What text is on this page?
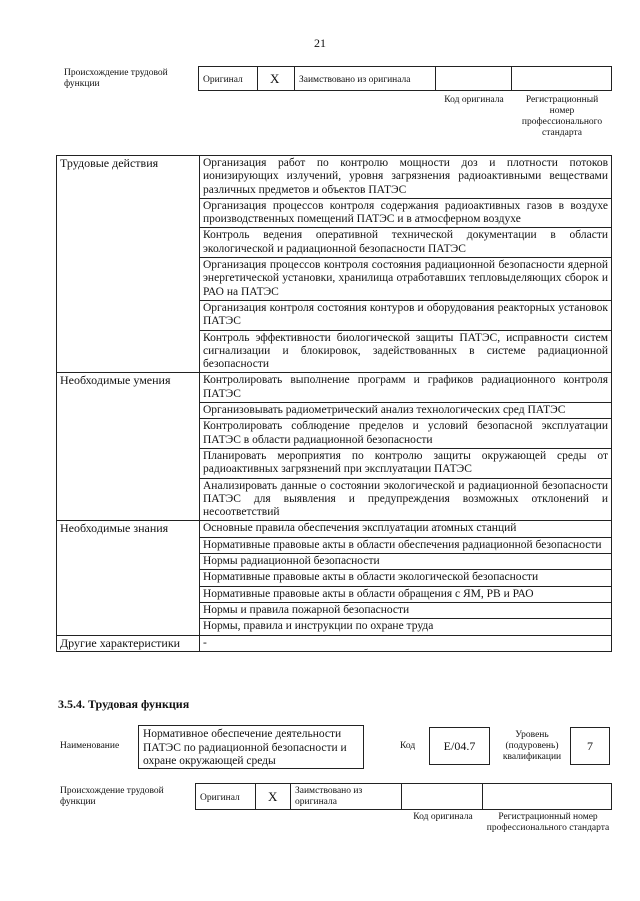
21
Происхождение трудовой функции	Оригинал X Заимствовано из оригинала
Код оригинала	Регистрационный номер профессионального стандарта
Трудовые действия	Организация работ по контролю мощности доз и плотности потоков ионизирующих излучений, уровня загрязнения радиоактивными веществами различных предметов и объектов ПАТЭС
	Организация процессов контроля содержания радиоактивных газов в воздухе производственных помещений ПАТЭС и в атмосферном воздухе
	Контроль ведения оперативной технической документации в области экологической и радиационной безопасности ПАТЭС
	Организация процессов контроля состояния радиационной безопасности ядерной энергетической установки, хранилища отработавших тепловыделяющих сборок и РАО на ПАТЭС
	Организация контроля состояния контуров и оборудования реакторных установок ПАТЭС
	Контроль эффективности биологической защиты ПАТЭС, исправности систем сигнализации и блокировок, задействованных в системе радиационной безопасности
Необходимые умения	Контролировать выполнение программ и графиков радиационного контроля ПАТЭС
	Организовывать радиометрический анализ технологических сред ПАТЭС
	Контролировать соблюдение пределов и условий безопасной эксплуатации ПАТЭС в области радиационной безопасности
	Планировать мероприятия по контролю защиты окружающей среды от радиоактивных загрязнений при эксплуатации ПАТЭС
	Анализировать данные о состоянии экологической и радиационной безопасности ПАТЭС для выявления и предупреждения возможных отклонений и несоответствий
Необходимые знания	Основные правила обеспечения эксплуатации атомных станций
	Нормативные правовые акты в области обеспечения радиационной безопасности
	Нормы радиационной безопасности
	Нормативные правовые акты в области экологической безопасности
	Нормативные правовые акты в области обращения с ЯМ, РВ и РАО
	Нормы и правила пожарной безопасности
	Нормы, правила и инструкции по охране труда
Другие характеристики	-
3.5.4. Трудовая функция
Наименование
Нормативное обеспечение деятельности ПАТЭС по радиационной безопасности и охране окружающей среды
Код	E/04.7
Уровень (подуровень) квалификации
7
Происхождение трудовой функции	Оригинал X Заимствовано из оригинала
Код оригинала	Регистрационный номер профессионального стандарта
